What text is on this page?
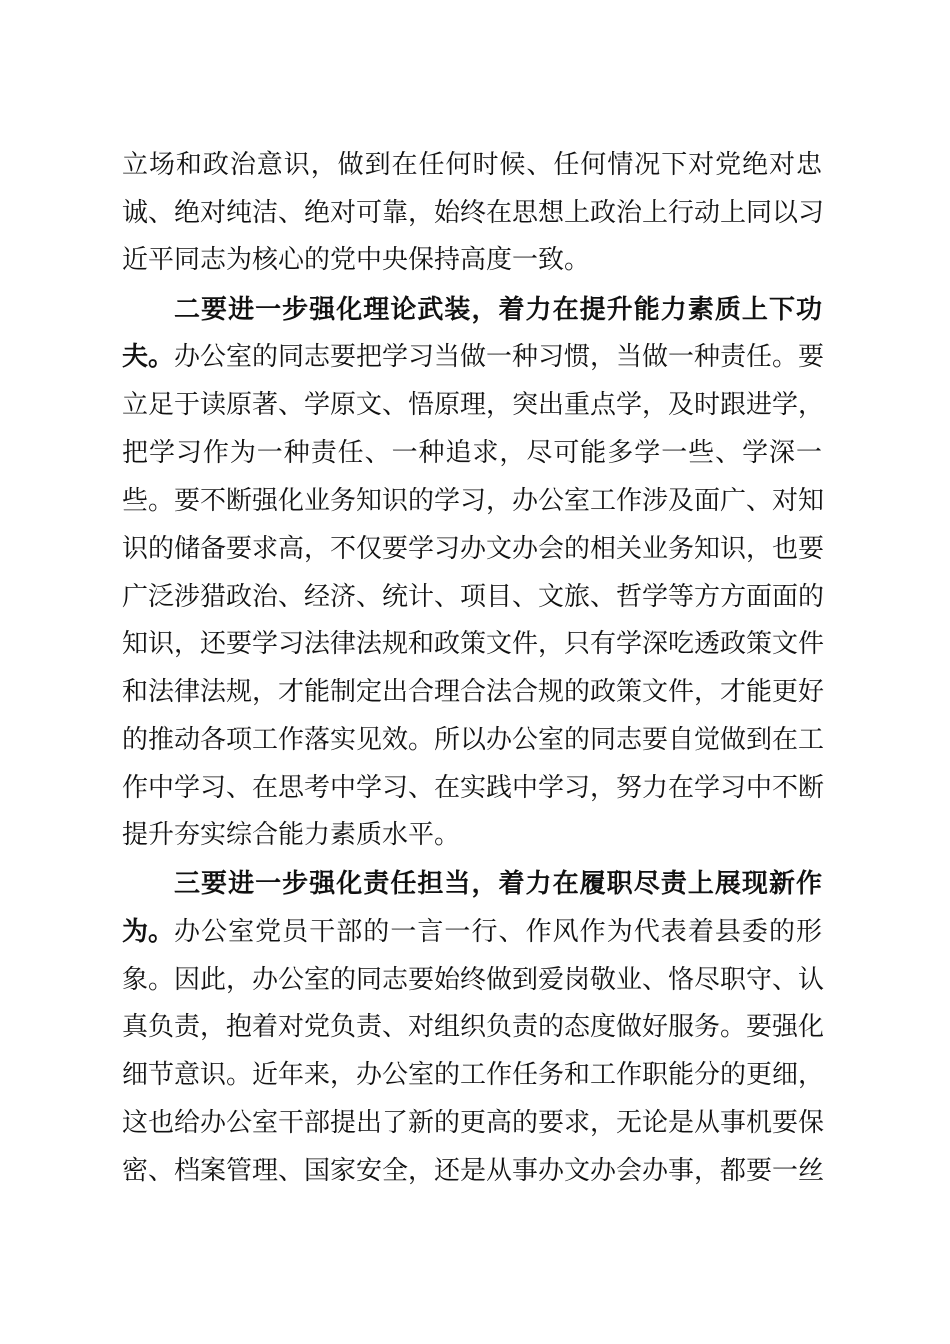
立场和政治意识，做到在任何时候、任何情况下对党绝对忠
诚、绝对纯洁、绝对可靠，始终在思想上政治上行动上同以习
近平同志为核心的党中央保持高度一致。
二要进一步强化理论武装，着力在提升能力素质上下功
夫。 办公室的同志要把学习当做一种习惯，当做一种责任。要
立足于读原著、学原文、悟原理，突出重点学，及时跟进学，
把学习作为一种责任、一种追求，尽可能多学一些、学深一
些。要不断强化业务知识的学习，办公室工作涉及面广、对知
识的储备要求高，不仅要学习办文办会的相关业务知识，也要
广泛涉猎政治、经济、统计、项目、文旅、哲学等方方面面的
知识，还要学习法律法规和政策文件，只有学深吃透政策文件
和法律法规，才能制定出合理合法合规的政策文件，才能更好
的推动各项工作落实见效。所以办公室的同志要自觉做到在工
作中学习、在思考中学习、在实践中学习，努力在学习中不断
提升夯实综合能力素质水平。
三要进一步强化责任担当，着力在履职尽责上展现新作
为。 办公室党员干部的一言一行、作风作为代表着县委的形
象。因此，办公室的同志要始终做到爱岗敬业、恪尽职守、认
真负责，抱着对党负责、对组织负责的态度做好服务。要强化
细节意识。近年来，办公室的工作任务和工作职能分的更细，
这也给办公室干部提出了新的更高的要求，无论是从事机要保
密、档案管理、国家安全，还是从事办文办会办事，都要一丝
